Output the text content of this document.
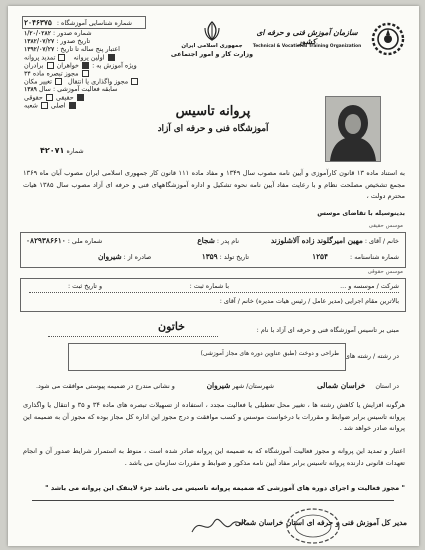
سازمان آموزش فنی و حرفه ای کشور
Technical & Vocational Training Organization
جمهوری اسلامی ایران
وزارت کار و امور اجتماعی
شماره شناسایی آموزشگاه : ۲۰۴۶۳۷۵
شماره صدور : ۱/۲۰/۰۲۸۲
تاریخ صدور : ۱۳۸۲/۰۷/۲۷
اعتبار پنج ساله تا تاریخ : ۱۳۹۲/۰۷/۲۷
اولین پروانه  تمدید پروانه
ویژه آموزش به :  خواهران  برادران
مجوز تبصره ماده ۳۴
مجوز واگذاری یا انتقال  تغییر مکان
سابقه فعالیت آموزشی : سال ۱۳۸۹
حقیقی  حقوقی
اصلی  شعبه
شماره ۴۲۰۷۱
پروانه تاسیس
آموزشگاه فنی و حرفه ای آزاد
به استناد ماده ۱۳ قانون کارآموزی و آیین نامه مصوب سال ۱۳۴۹ و مفاد ماده ۱۱۱ قانون کار جمهوری اسلامی ایران مصوب آبان ماه ۱۳۶۹ مجمع تشخیص مصلحت نظام و با رعایت مفاد آیین نامه نحوه تشکیل و اداره آموزشگاههای فنی و حرفه ای آزاد مصوب سال ۱۳۸۵ هیات محترم دولت ،
بدینوسیله با تقاضای موسس
موسس حقیقی
خانم / آقای : مهین امیرگلوند زاده آلاشلوزند
نام پدر : شجاع
شماره ملی : ۰۸۲۹۳۸۶۶۱۰
شماره شناسنامه : ۱۲۵۴
تاریخ تولد : ۱۳۵۹
صادره از : شیروان
موسس حقوقی
شرکت / موسسه و ...
با شماره ثبت :
و تاریخ ثبت :
بالاترین مقام اجرایی (مدیر عامل / رئیس هیات مدیره) خانم / آقای :
مبنی بر تاسیس آموزشگاه فنی و حرفه ای آزاد با نام :
خاتون
در رشته / رشته های
طراحی و دوخت (طبق عناوین دوره های مجاز آموزشی)
در استان خراسان شمالی
شهرستان/ شهر شیروان
و نشانی مندرج در ضمیمه پیوستی موافقت می شود.
هرگونه افزایش یا کاهش رشته ها ، تغییر محل تعطیلی یا فعالیت مجدد ، استفاده از تسهیلات تبصره های ماده ۳۴ و ۳۵ و انتقال یا واگذاری پروانه تاسیس برابر ضوابط و مقررات با درخواست موسس و کسب موافقت و درج مجوز این اداره کل مجاز بوده که مجوز آن به ضمیمه این پروانه صادر خواهد شد .
اعتبار و تمدید این پروانه و مجوز فعالیت آموزشگاه که به ضمیمه این پروانه صادر شده است ، منوط به استمرار شرایط صدور آن و انجام تعهدات قانونی دارنده پروانه تاسیس برابر مفاد آیین نامه مذکور و ضوابط و مقررات سازمان می باشد .
" مجوز فعالیت و اجرای دوره های آموزشی که ضمیمه پروانه تاسیس می باشد جزء لاینفک این پروانه می باشد "
مدیر کل آموزش فنی و حرفه ای استان خراسان شمالی
